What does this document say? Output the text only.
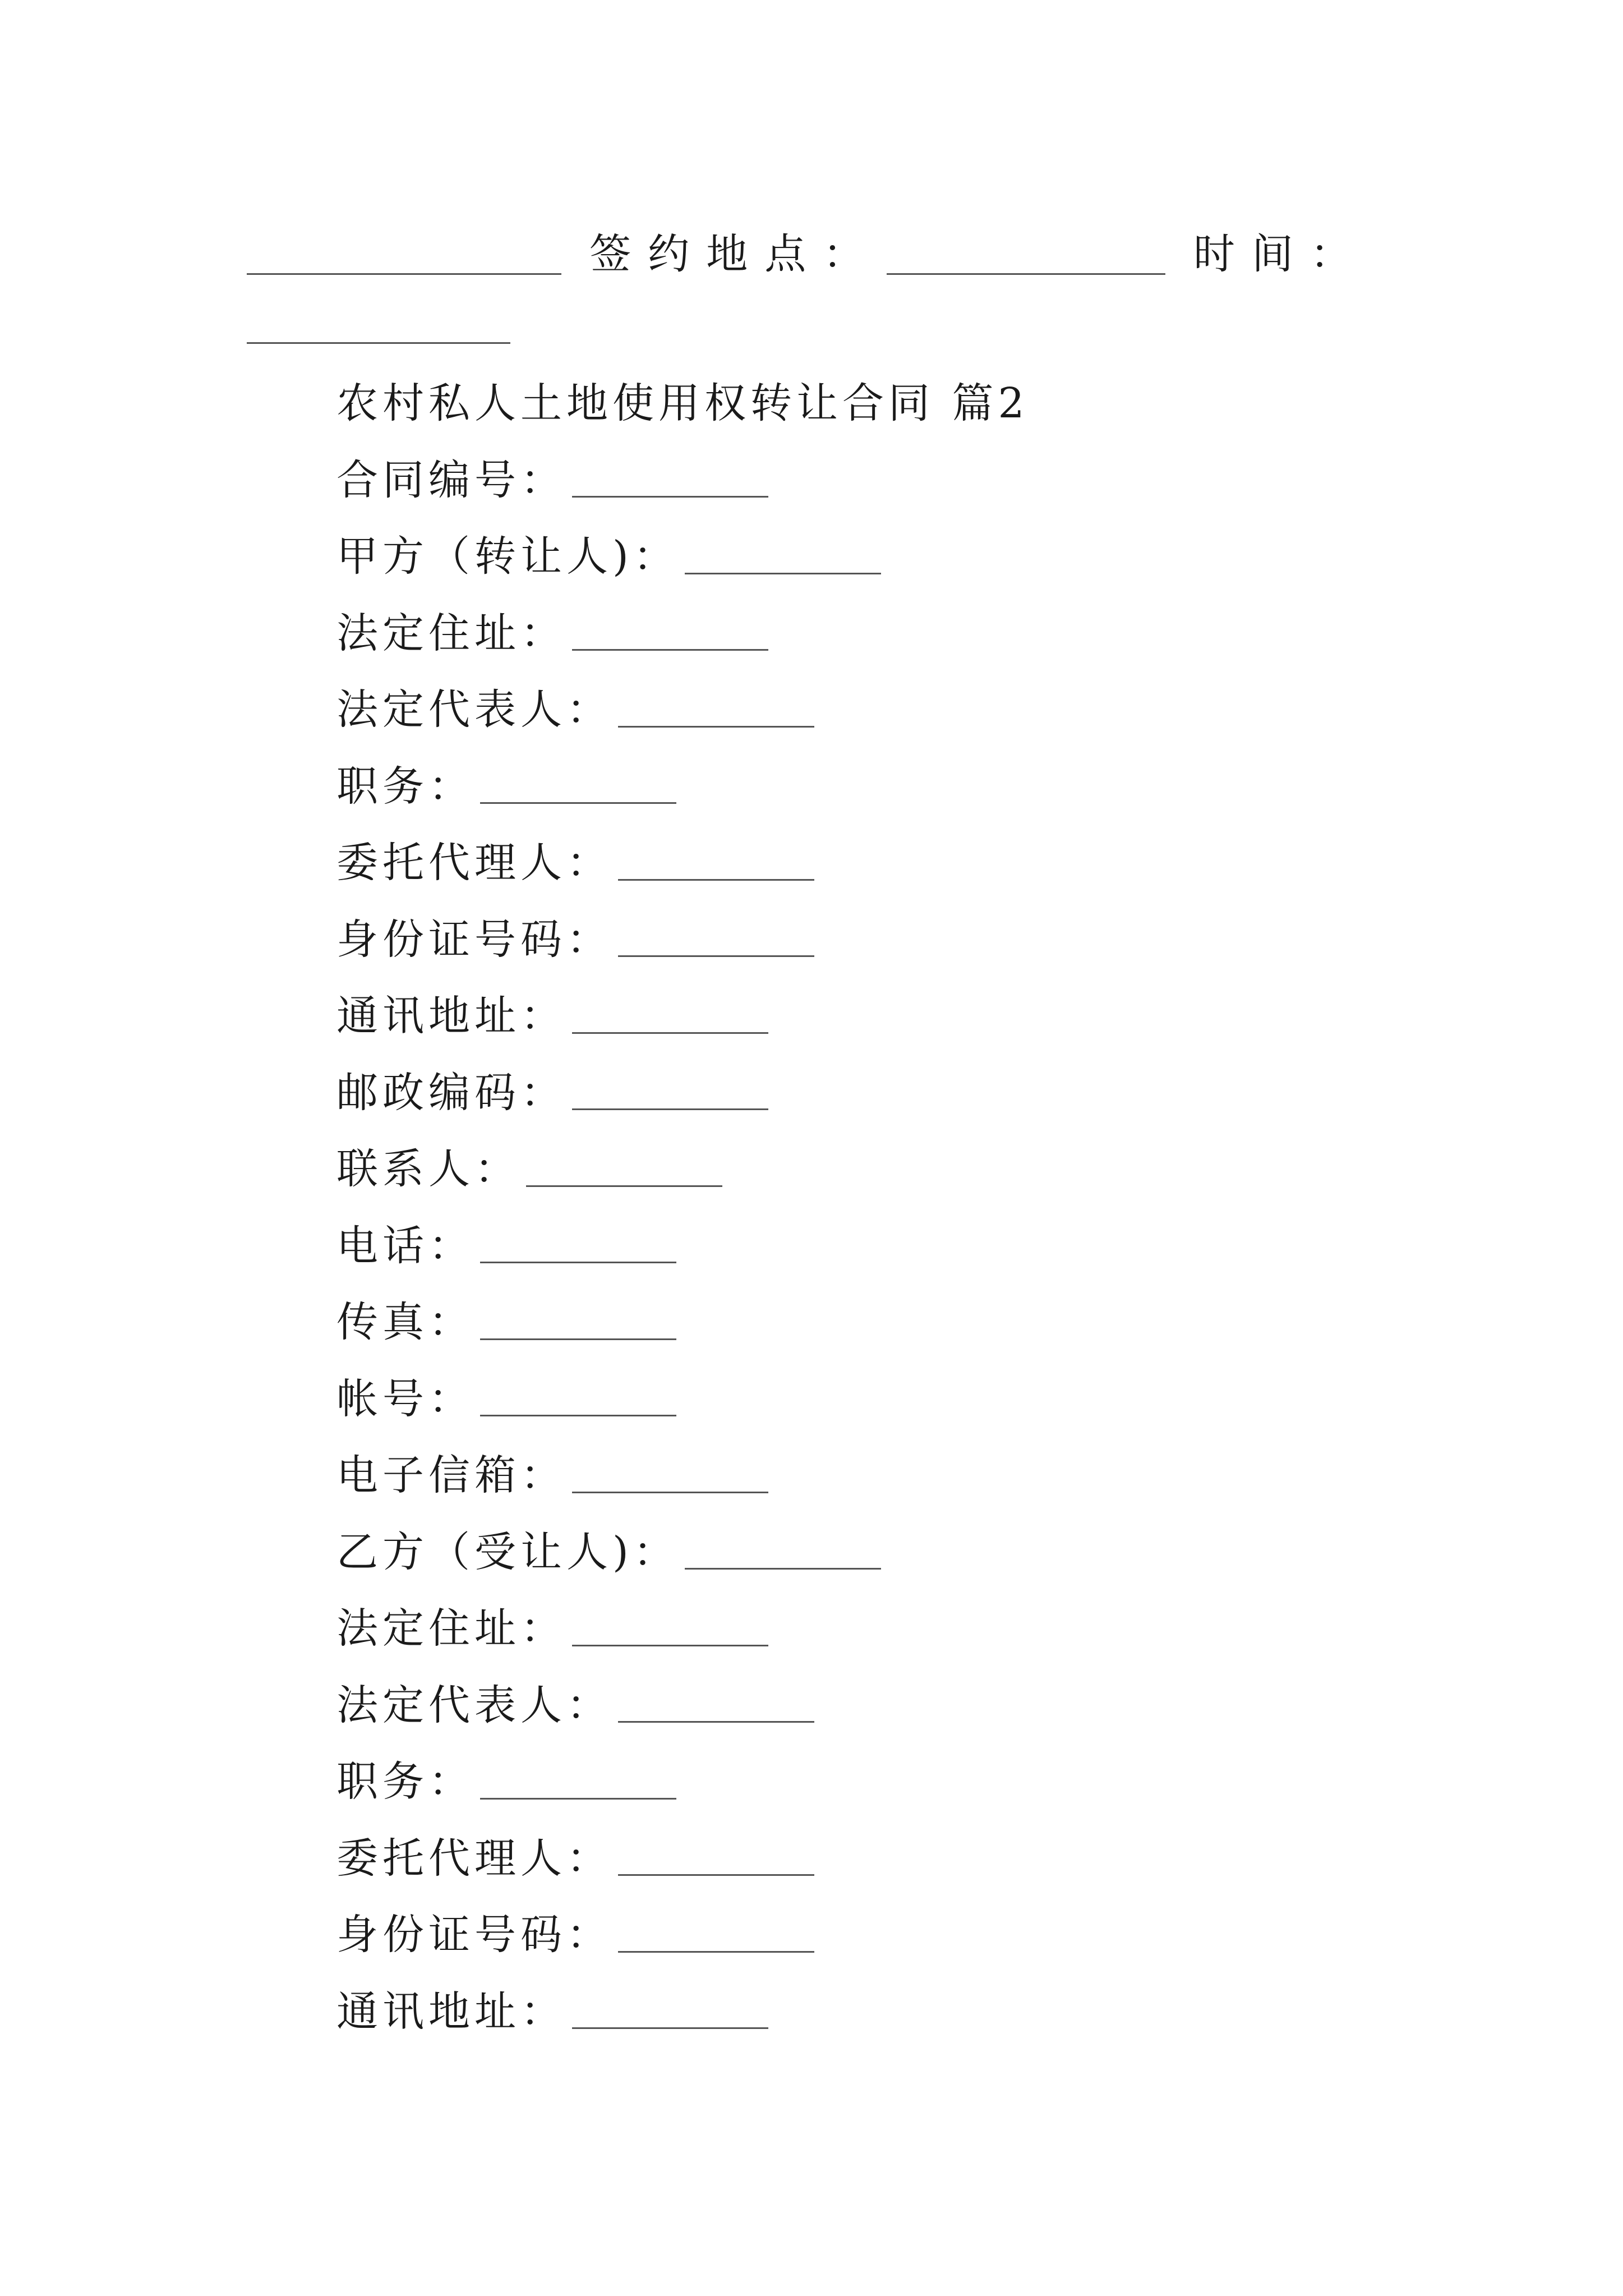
签约地点：	时间：
农村私人土地使用权转让合同 篇2
合同编号：
甲方（转让人)：
法定住址：
法定代表人：
职务：
委托代理人：
身份证号码：
通讯地址：
邮政编码：
联系人：
电话：
传真：
帐号：
电子信箱：
乙方（受让人)：
法定住址：
法定代表人：
职务：
委托代理人：
身份证号码：
通讯地址：
